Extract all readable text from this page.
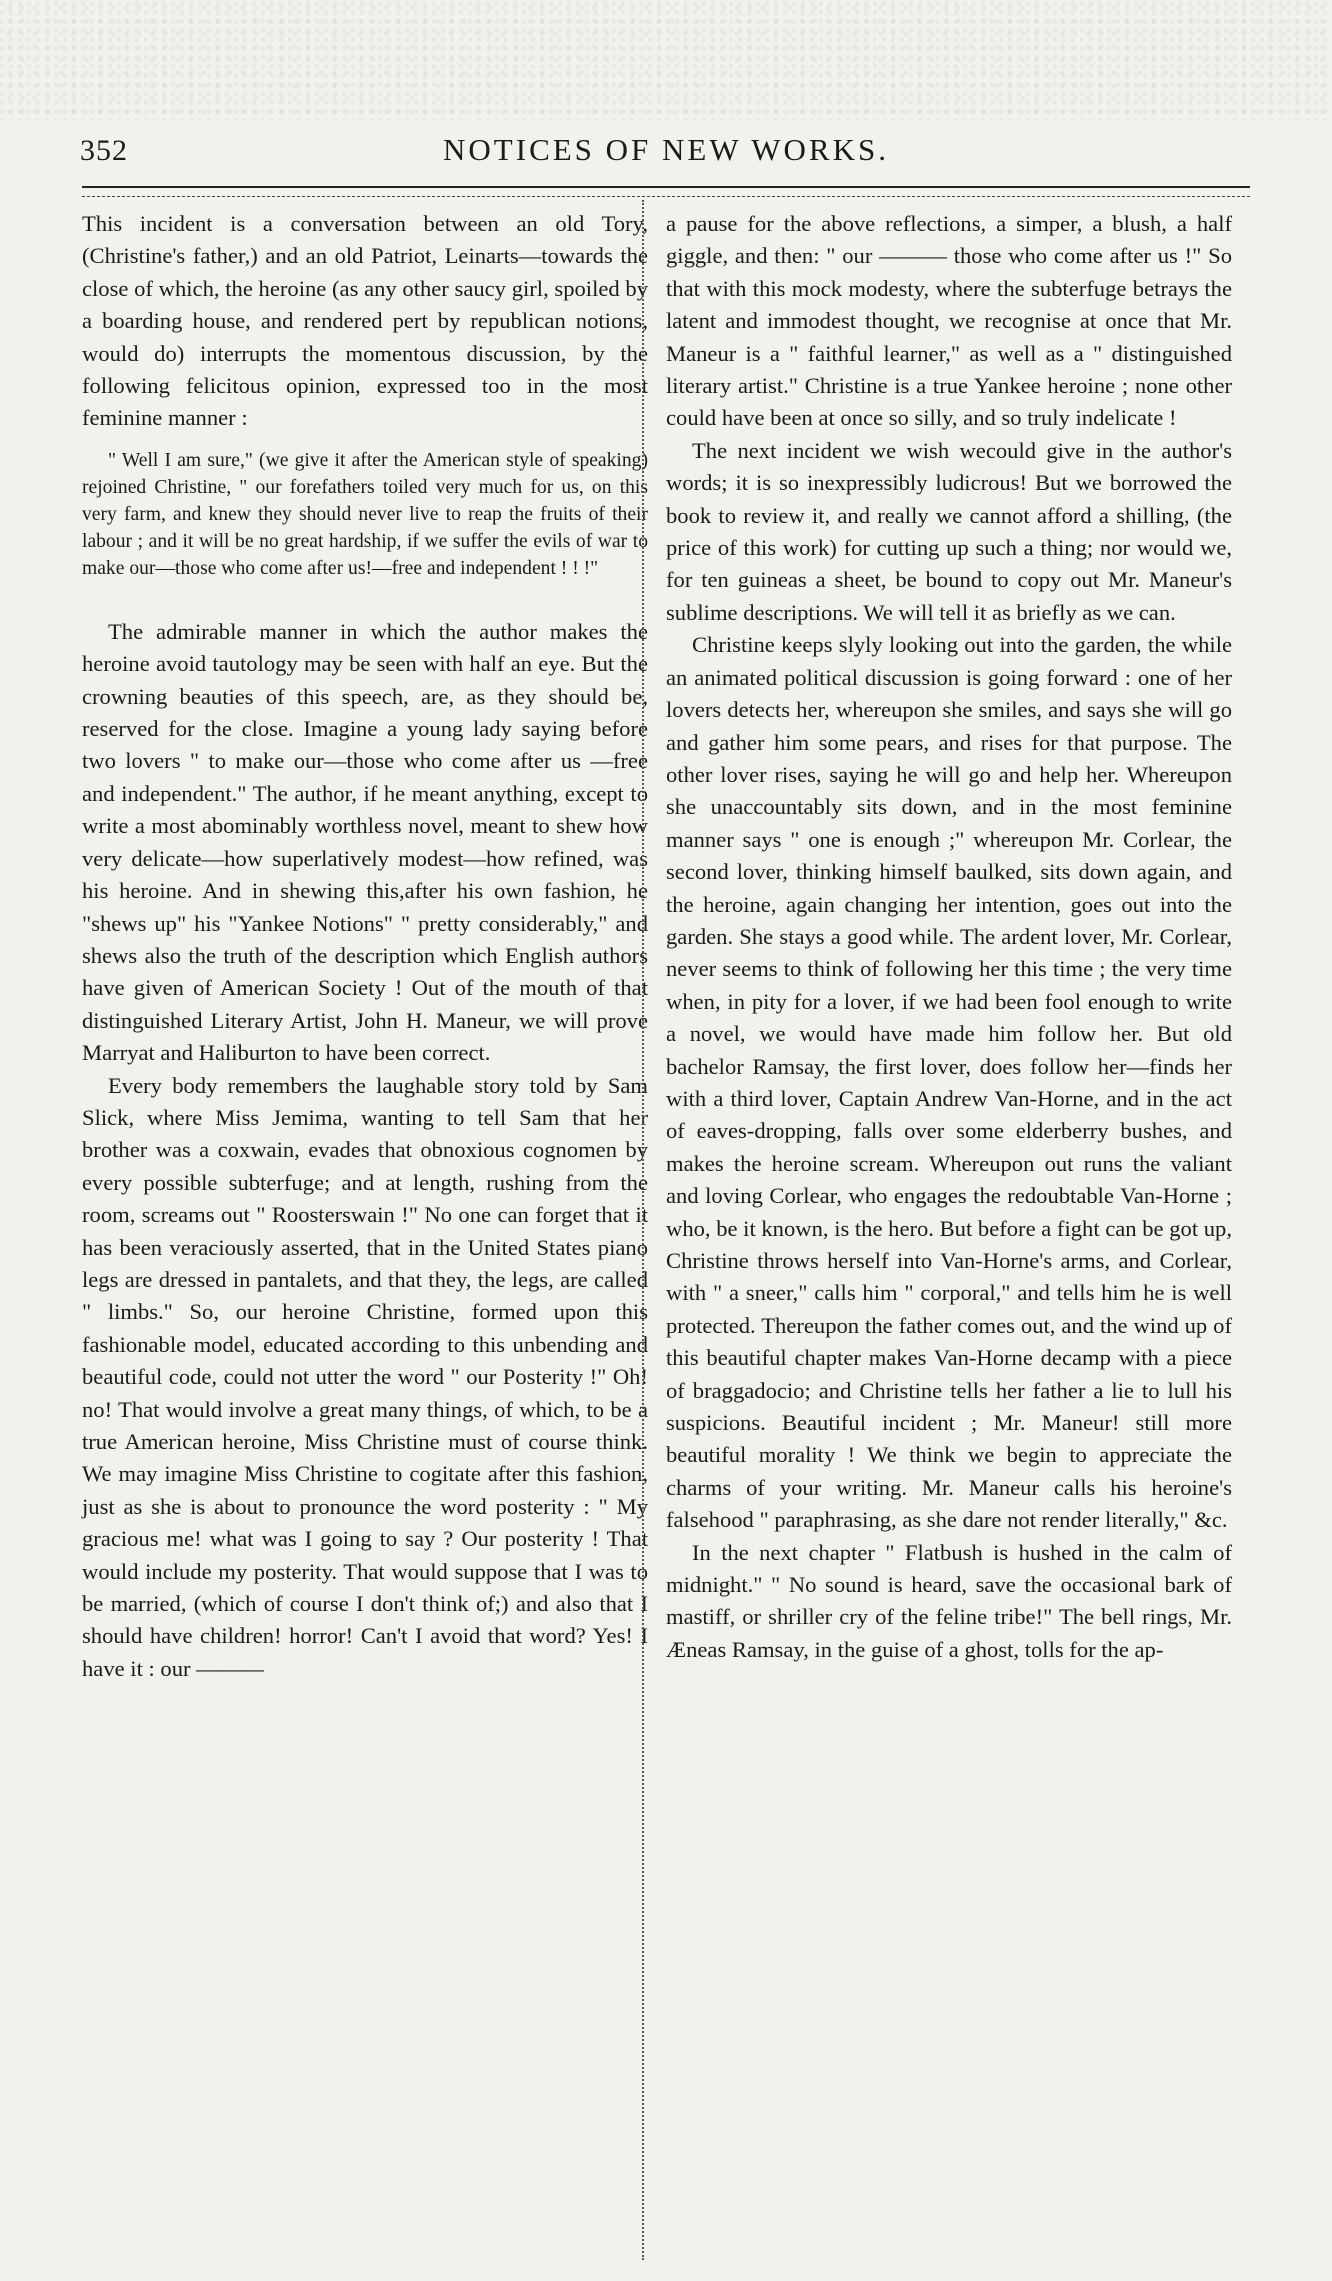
352	NOTICES OF NEW WORKS.

This incident is a conversation between an old Tory, (Christine's father,) and an old Patriot, Leinarts—towards the close of which, the heroine (as any other saucy girl, spoiled by a boarding house, and rendered pert by republican notions, would do) interrupts the momentous discussion, by the following felicitous opinion, expressed too in the most feminine manner :

" Well I am sure," (we give it after the American style of speaking) rejoined Christine, " our forefathers toiled very much for us, on this very farm, and knew they should never live to reap the fruits of their labour ; and it will be no great hardship, if we suffer the evils of war to make our—those who come after us!—free and independent ! ! !"

The admirable manner in which the author makes the heroine avoid tautology may be seen with half an eye. But the crowning beauties of this speech, are, as they should be, reserved for the close. Imagine a young lady saying before two lovers " to make our—those who come after us —free and independent." The author, if he meant anything, except to write a most abominably worthless novel, meant to shew how very delicate—how superlatively modest—how refined, was his heroine. And in shewing this,after his own fashion, he "shews up" his "Yankee Notions" " pretty considerably," and shews also the truth of the description which English authors have given of American Society ! Out of the mouth of that distinguished Literary Artist, John H. Maneur, we will prove Marryat and Haliburton to have been correct.

Every body remembers the laughable story told by Sam Slick, where Miss Jemima, wanting to tell Sam that her brother was a coxwain, evades that obnoxious cognomen by every possible subterfuge; and at length, rushing from the room, screams out " Roosterswain !" No one can forget that it has been veraciously asserted, that in the United States piano legs are dressed in pantalets, and that they, the legs, are called " limbs." So, our heroine Christine, formed upon this fashionable model, educated according to this unbending and beautiful code, could not utter the word " our Posterity !" Oh! no! That would involve a great many things, of which, to be a true American heroine, Miss Christine must of course think. We may imagine Miss Christine to cogitate after this fashion, just as she is about to pronounce the word posterity : " My gracious me! what was I going to say ? Our posterity ! That would include my posterity. That would suppose that I was to be married, (which of course I don't think of;) and also that I should have children! horror! Can't I avoid that word? Yes! I have it : our ———

a pause for the above reflections, a simper, a blush, a half giggle, and then: " our ——— those who come after us !" So that with this mock modesty, where the subterfuge betrays the latent and immodest thought, we recognise at once that Mr. Maneur is a " faithful learner," as well as a " distinguished literary artist." Christine is a true Yankee heroine ; none other could have been at once so silly, and so truly indelicate !

The next incident we wish wecould give in the author's words; it is so inexpressibly ludicrous! But we borrowed the book to review it, and really we cannot afford a shilling, (the price of this work) for cutting up such a thing; nor would we, for ten guineas a sheet, be bound to copy out Mr. Maneur's sublime descriptions. We will tell it as briefly as we can.

Christine keeps slyly looking out into the garden, the while an animated political discussion is going forward : one of her lovers detects her, whereupon she smiles, and says she will go and gather him some pears, and rises for that purpose. The other lover rises, saying he will go and help her. Whereupon she unaccountably sits down, and in the most feminine manner says " one is enough ;" whereupon Mr. Corlear, the second lover, thinking himself baulked, sits down again, and the heroine, again changing her intention, goes out into the garden. She stays a good while. The ardent lover, Mr. Corlear, never seems to think of following her this time ; the very time when, in pity for a lover, if we had been fool enough to write a novel, we would have made him follow her. But old bachelor Ramsay, the first lover, does follow her—finds her with a third lover, Captain Andrew Van-Horne, and in the act of eaves-dropping, falls over some elderberry bushes, and makes the heroine scream. Whereupon out runs the valiant and loving Corlear, who engages the redoubtable Van-Horne ; who, be it known, is the hero. But before a fight can be got up, Christine throws herself into Van-Horne's arms, and Corlear, with " a sneer," calls him " corporal," and tells him he is well protected. Thereupon the father comes out, and the wind up of this beautiful chapter makes Van-Horne decamp with a piece of braggadocio; and Christine tells her father a lie to lull his suspicions. Beautiful incident ; Mr. Maneur! still more beautiful morality ! We think we begin to appreciate the charms of your writing. Mr. Maneur calls his heroine's falsehood " paraphrasing, as she dare not render literally," &c.

In the next chapter " Flatbush is hushed in the calm of midnight." " No sound is heard, save the occasional bark of mastiff, or shriller cry of the feline tribe!" The bell rings, Mr. Æneas Ramsay, in the guise of a ghost, tolls for the ap-
